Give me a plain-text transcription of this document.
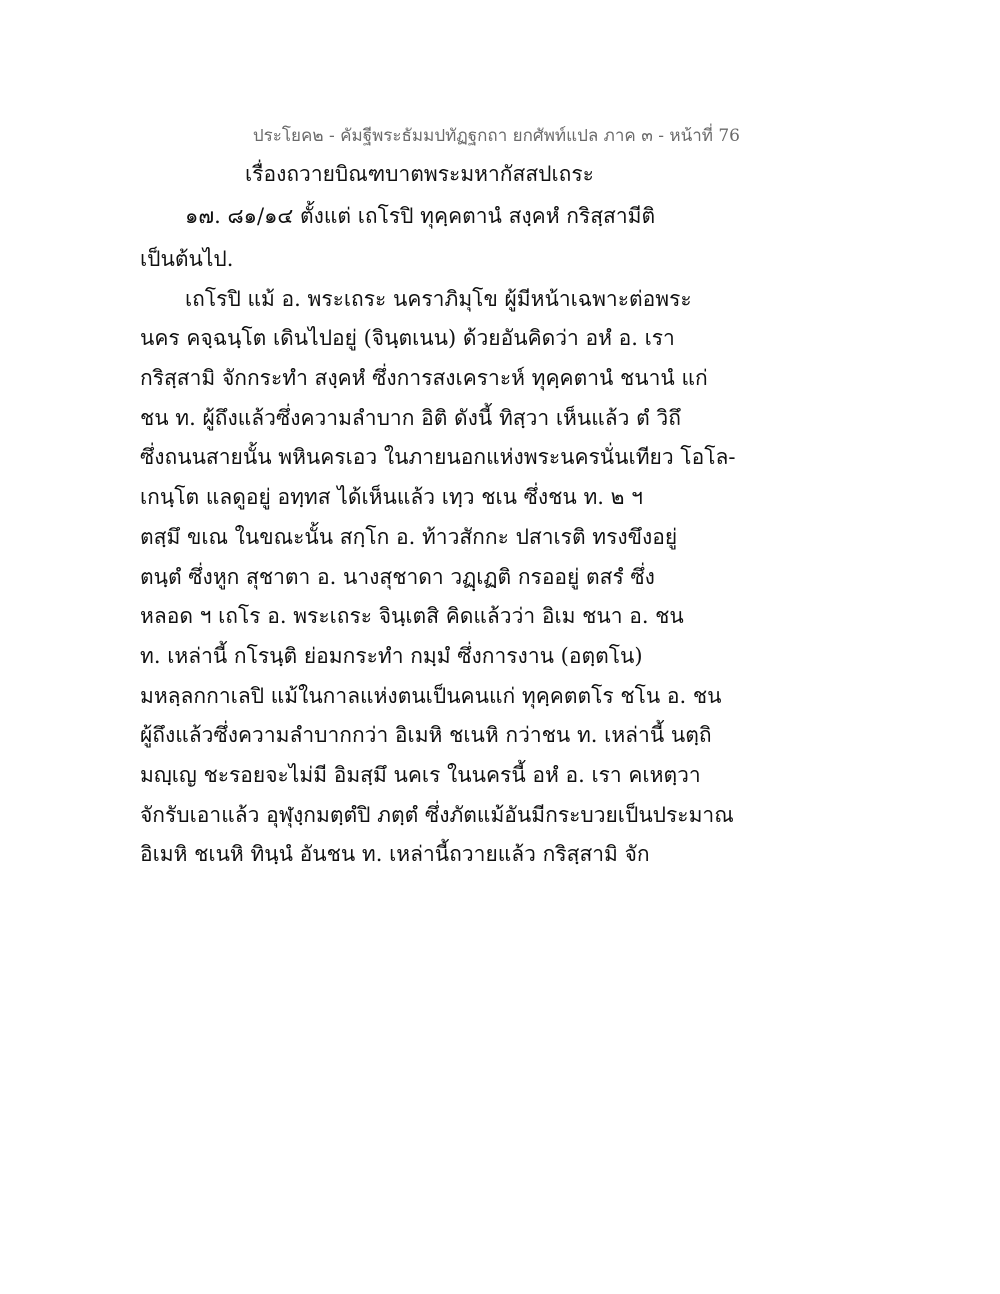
ประโยค๒ - คัมฐีพระธัมมปทัฏฐกถา ยกศัพท์แปล ภาค ๓ - หน้าที่ 76
เรื่องถวายบิณฑบาตพระมหากัสสปเถระ
๑๗. ๘๑/๑๔ ตั้งแต่ เถโรปิ ทุคฺคตานํ สงฺคหํ กริสฺสามีติ
เป็นต้นไป.
เถโรปิ แม้ อ. พระเถระ นคราภิมุโข ผู้มีหน้าเฉพาะต่อพระ
นคร คจฺฉนฺโต เดินไปอยู่ (จินฺตเนน) ด้วยอันคิดว่า อหํ อ. เรา
กริสฺสามิ จักกระทำ สงฺคหํ ซึ่งการสงเคราะห์ ทุคฺคตานํ ชนานํ แก่
ชน ท. ผู้ถึงแล้วซึ่งความลำบาก อิติ ดังนี้ ทิสฺวา เห็นแล้ว ตํ วิถึ
ซึ่งถนนสายนั้น พหินครเอว ในภายนอกแห่งพระนครนั่นเทียว โอโล-
เกนฺโต แลดูอยู่ อทฺทส ได้เห็นแล้ว เทฺว ชเน ซึ่งชน ท. ๒ ฯ
ตสฺมึ ขเณ ในขณะนั้น สกฺโก อ. ท้าวสักกะ ปสาเรติ ทรงขึงอยู่
ตนฺตํ ซึ่งหูก สุชาตา อ. นางสุชาดา วฏฺเฏติ กรออยู่ ตสรํ ซึ่ง
หลอด ฯ เถโร อ. พระเถระ จินฺเตสิ คิดแล้วว่า อิเม ชนา อ. ชน
ท. เหล่านี้ กโรนฺติ ย่อมกระทำ กมฺมํ ซึ่งการงาน (อตฺตโน)
มหลฺลกกาเลปิ แม้ในกาลแห่งตนเป็นคนแก่ ทุคฺคตตโร ชโน อ. ชน
ผู้ถึงแล้วซึ่งความลำบากกว่า อิเมหิ ชเนหิ กว่าชน ท. เหล่านี้ นตฺถิ
มญฺเญ ชะรอยจะไม่มี อิมสฺมึ นคเร ในนครนี้ อหํ อ. เรา คเหตฺวา
จักรับเอาแล้ว อุฬุงฺกมตฺตํปิ ภตฺตํ ซึ่งภัตแม้อันมีกระบวยเป็นประมาณ
อิเมหิ ชเนหิ ทินฺนํ อันชน ท. เหล่านี้ถวายแล้ว กริสฺสามิ จัก
